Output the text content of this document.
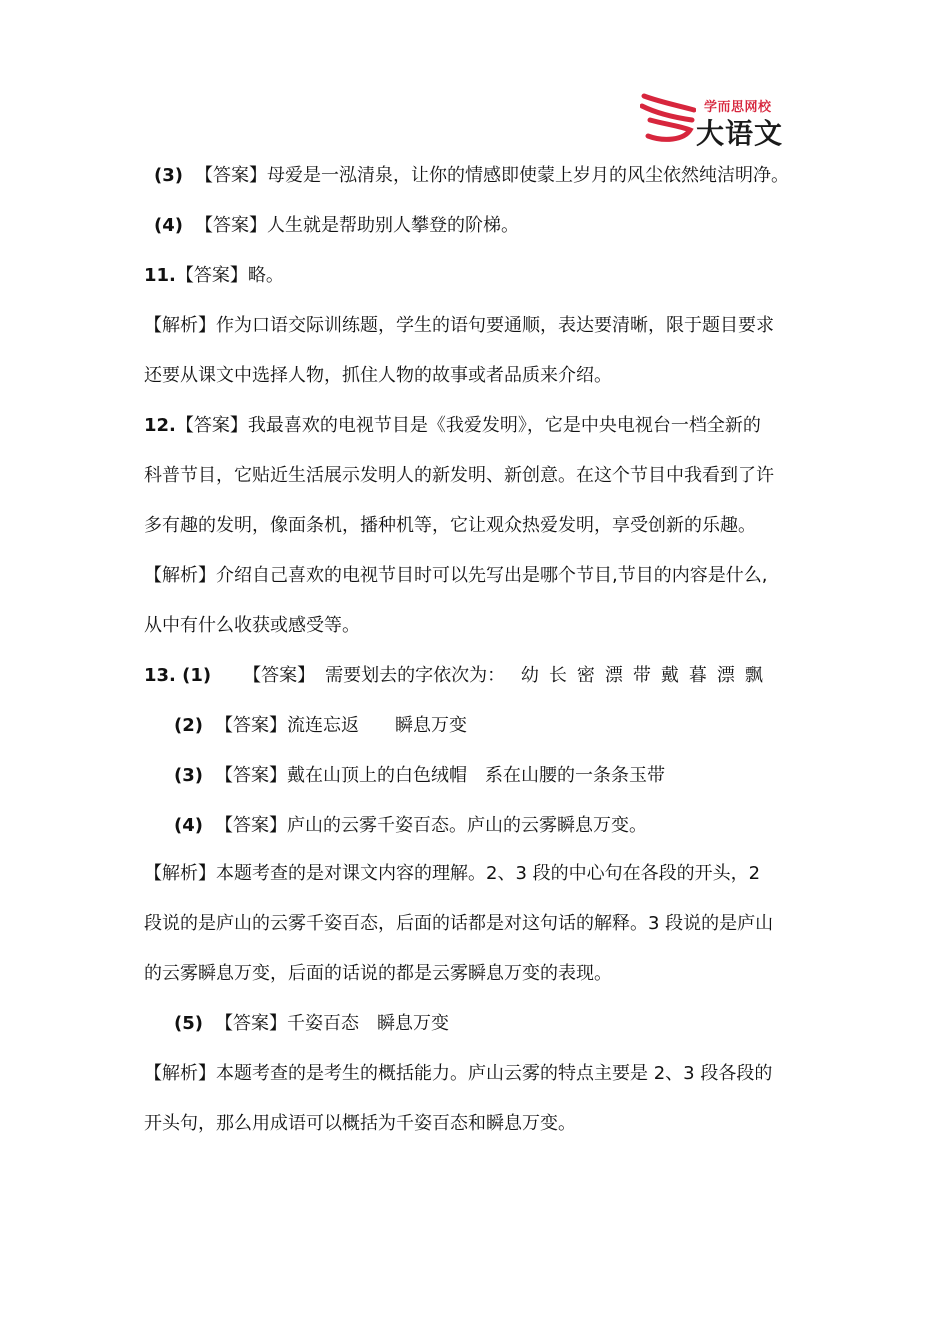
学而思网校
大语文
(3) 【答案】母爱是一泓清泉，让你的情感即使蒙上岁月的风尘依然纯洁明净。
(4) 【答案】人生就是帮助别人攀登的阶梯。
11.【答案】略。
【解析】作为口语交际训练题，学生的语句要通顺，表达要清晰，限于题目要求
还要从课文中选择人物，抓住人物的故事或者品质来介绍。
12.【答案】我最喜欢的电视节目是《我爱发明》，它是中央电视台一档全新的
科普节目，它贴近生活展示发明人的新发明、新创意。在这个节目中我看到了许
多有趣的发明，像面条机，播种机等，它让观众热爱发明，享受创新的乐趣。
【解析】介绍自己喜欢的电视节目时可以先写出是哪个节目,节目的内容是什么,
从中有什么收获或感受等。
13. (1) 【答案】 需要划去的字依次为： 幼 长 密 漂 带 戴 暮 漂 飘
(2) 【答案】流连忘返 瞬息万变
(3) 【答案】戴在山顶上的白色绒帽 系在山腰的一条条玉带
(4) 【答案】庐山的云雾千姿百态。庐山的云雾瞬息万变。
【解析】本题考查的是对课文内容的理解。2、3 段的中心句在各段的开头，2
段说的是庐山的云雾千姿百态，后面的话都是对这句话的解释。3 段说的是庐山
的云雾瞬息万变，后面的话说的都是云雾瞬息万变的表现。
(5) 【答案】千姿百态 瞬息万变
【解析】本题考查的是考生的概括能力。庐山云雾的特点主要是 2、3 段各段的
开头句，那么用成语可以概括为千姿百态和瞬息万变。
